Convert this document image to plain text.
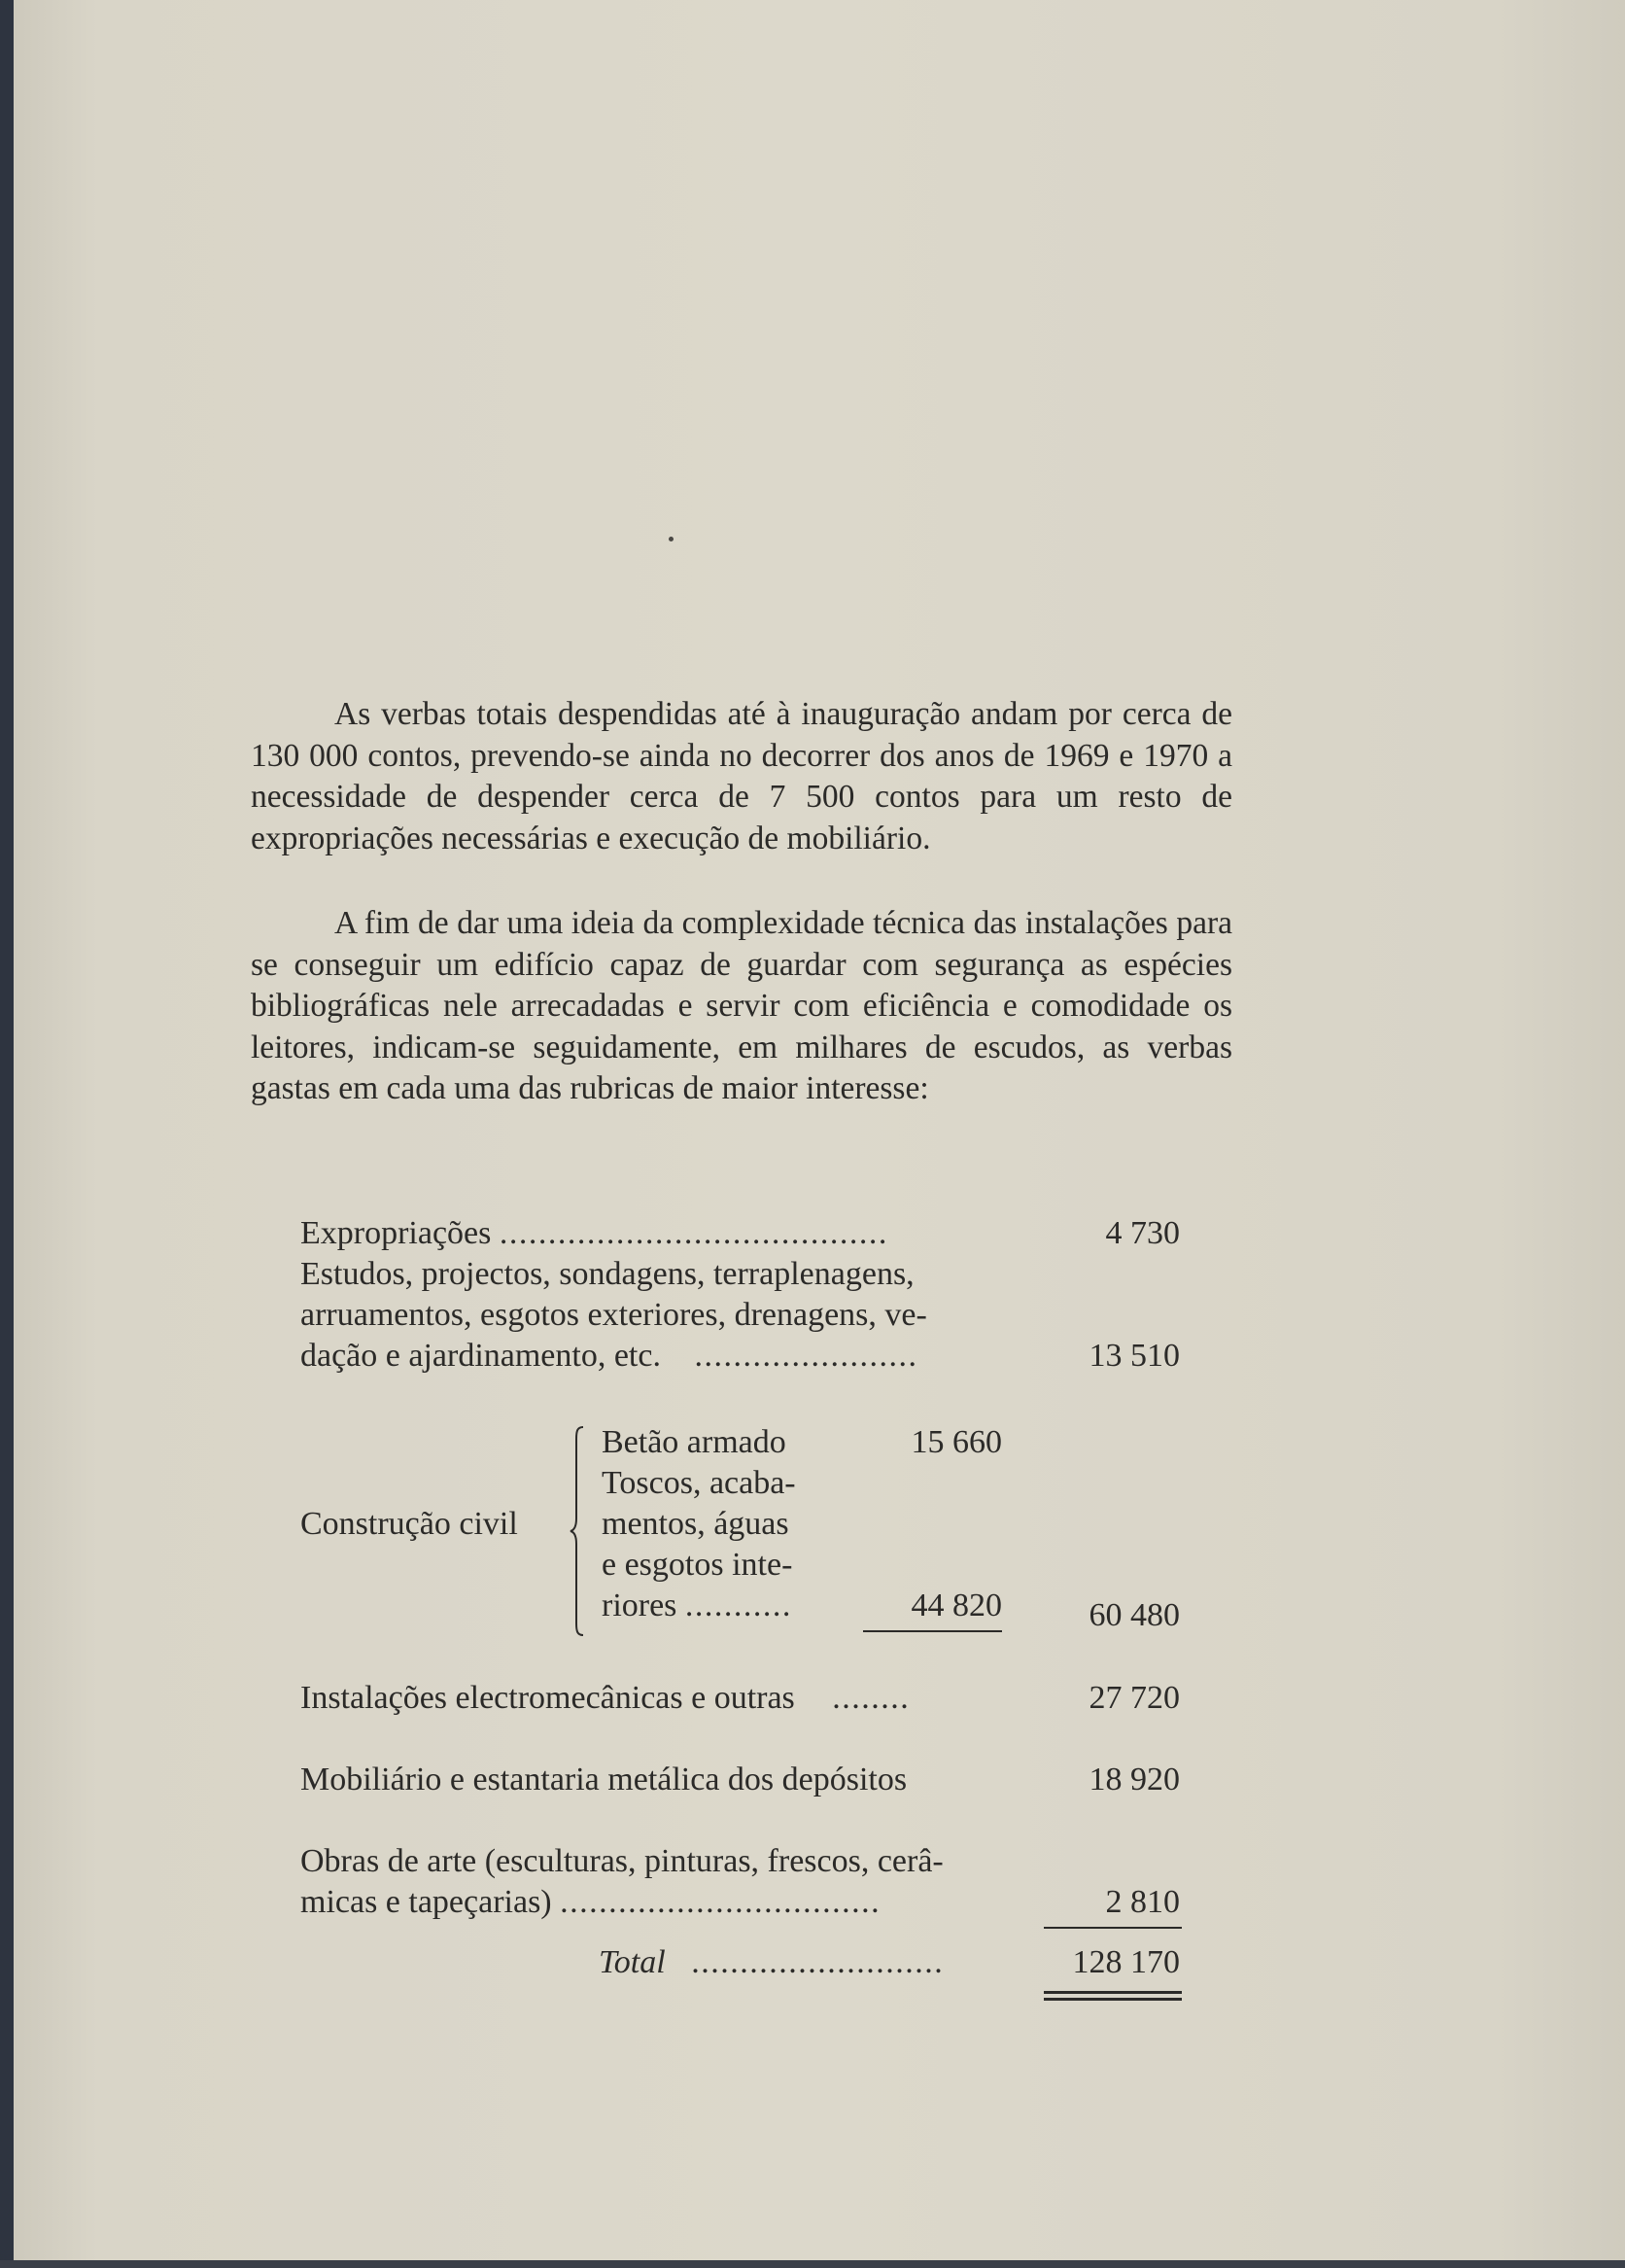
As verbas totais despendidas até à inauguração andam por cerca de 130 000 contos, prevendo-se ainda no decorrer dos anos de 1969 e 1970 a necessidade de despender cerca de 7 500 contos para um resto de expropriações necessárias e execução de mobiliário.

A fim de dar uma ideia da complexidade técnica das instalações para se conseguir um edifício capaz de guardar com segurança as espécies bibliográficas nele arrecadadas e servir com eficiência e comodidade os leitores, indicam-se seguidamente, em milhares de escudos, as verbas gastas em cada uma das rubricas de maior interesse:

Expropriações ........................................	4 730
Estudos, projectos, sondagens, terraplenagens,
arruamentos, esgotos exteriores, drenagens, ve-
dação e ajardinamento, etc. .......................	13 510
Construção civil
Betão armado	15 660
Toscos, acaba-
mentos, águas
e esgotos inte-
riores ...........	44 820	60 480
Instalações electromecânicas e outras ........	27 720
Mobiliário e estantaria metálica dos depósitos	18 920
Obras de arte (esculturas, pinturas, frescos, cerâ-
micas e tapeçarias) .................................	2 810
Total ..........................	128 170
